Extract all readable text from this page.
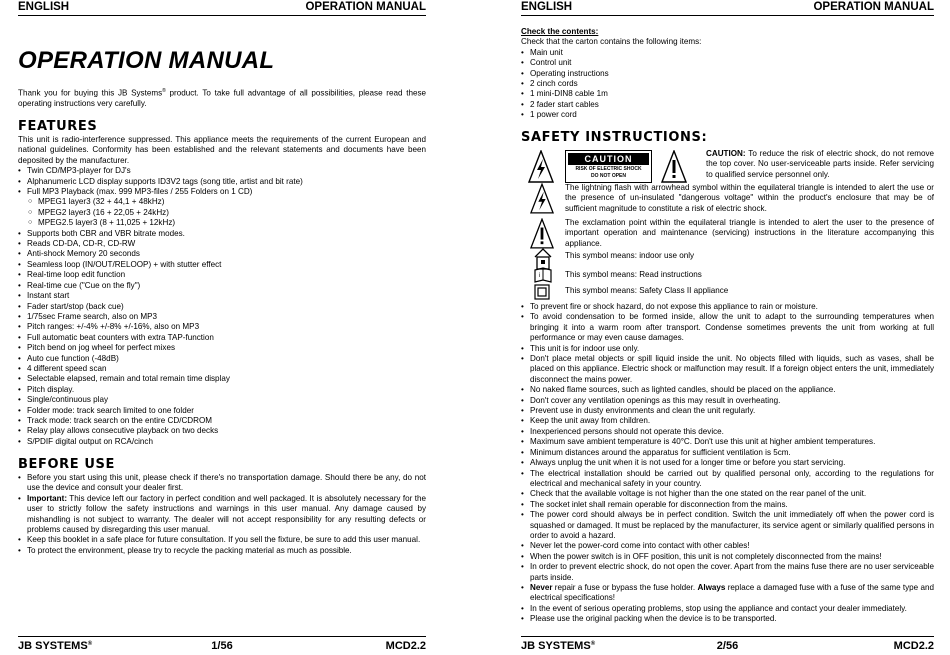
ENGLISH	OPERATION MANUAL
OPERATION MANUAL

Thank you for buying this JB Systems® product. To take full advantage of all possibilities, please read these operating instructions very carefully.

FEATURES

This unit is radio-interference suppressed. This appliance meets the requirements of the current European and national guidelines. Conformity has been established and the relevant statements and documents have been deposited by the manufacturer.

• Twin CD/MP3-player for DJ's
• Alphanumeric LCD display supports ID3V2 tags (song title, artist and bit rate)
• Full MP3 Playback (max. 999 MP3-files / 255 Folders on 1 CD)
○ MPEG1 layer3 (32 + 44,1 + 48kHz)
○ MPEG2 layer3 (16 + 22,05 + 24kHz)
○ MPEG2.5 layer3 (8 + 11,025 + 12kHz)
• Supports both CBR and VBR bitrate modes.
• Reads CD-DA, CD-R, CD-RW
• Anti-shock Memory 20 seconds
• Seamless loop (IN/OUT/RELOOP) + with stutter effect
• Real-time loop edit function
• Real-time cue ("Cue on the fly")
• Instant start
• Fader start/stop (back cue)
• 1/75sec Frame search, also on MP3
• Pitch ranges: +/-4% +/-8% +/-16%, also on MP3
• Full automatic beat counters with extra TAP-function
• Pitch bend on jog wheel for perfect mixes
• Auto cue function (-48dB)
• 4 different speed scan
• Selectable elapsed, remain and total remain time display
• Pitch display.
• Single/continuous play
• Folder mode: track search limited to one folder
• Track mode: track search on the entire CD/CDROM
• Relay play allows consecutive playback on two decks
• S/PDIF digital output on RCA/cinch
BEFORE USE
• Before you start using this unit, please check if there's no transportation damage. Should there be any, do not use the device and consult your dealer first.
• Important: This device left our factory in perfect condition and well packaged. It is absolutely necessary for the user to strictly follow the safety instructions and warnings in this user manual. Any damage caused by mishandling is not subject to warranty. The dealer will not accept responsibility for any resulting defects or problems caused by disregarding this user manual.
• Keep this booklet in a safe place for future consultation. If you sell the fixture, be sure to add this user manual.
• To protect the environment, please try to recycle the packing material as much as possible.
JB SYSTEMS®	1/56	MCD2.2
ENGLISH	OPERATION MANUAL

Check the contents:

Check that the carton contains the following items:

• Main unit
• Control unit
• Operating instructions
• 2 cinch cords
• 1 mini-DIN8 cable 1m
• 2 fader start cables
• 1 power cord
SAFETY INSTRUCTIONS:
CAUTION
RISK OF ELECTRIC SHOCK
DO NOT OPEN
CAUTION: To reduce the risk of electric shock, do not remove the top cover. No user-serviceable parts inside. Refer servicing to qualified service personnel only.
The lightning flash with arrowhead symbol within the equilateral triangle is intended to alert the use or the presence of un-insulated "dangerous voltage" within the product's enclosure that may be of sufficient magnitude to constitute a risk of electric shock.
The exclamation point within the equilateral triangle is intended to alert the user to the presence of important operation and maintenance (servicing) instructions in the literature accompanying this appliance.
This symbol means: indoor use only
i	This symbol means: Read instructions
This symbol means: Safety Class II appliance
• To prevent fire or shock hazard, do not expose this appliance to rain or moisture.
• To avoid condensation to be formed inside, allow the unit to adapt to the surrounding temperatures when bringing it into a warm room after transport. Condense sometimes prevents the unit from working at full performance or may even cause damages.
• This unit is for indoor use only.
• Don't place metal objects or spill liquid inside the unit. No objects filled with liquids, such as vases, shall be placed on this appliance. Electric shock or malfunction may result. If a foreign object enters the unit, immediately disconnect the mains power.
• No naked flame sources, such as lighted candles, should be placed on the appliance.
• Don't cover any ventilation openings as this may result in overheating.
• Prevent use in dusty environments and clean the unit regularly.
• Keep the unit away from children.
• Inexperienced persons should not operate this device.
• Maximum save ambient temperature is 40°C. Don't use this unit at higher ambient temperatures.
• Minimum distances around the apparatus for sufficient ventilation is 5cm.
• Always unplug the unit when it is not used for a longer time or before you start servicing.
• The electrical installation should be carried out by qualified personal only, according to the regulations for electrical and mechanical safety in your country.
• Check that the available voltage is not higher than the one stated on the rear panel of the unit.
• The socket inlet shall remain operable for disconnection from the mains.
• The power cord should always be in perfect condition. Switch the unit immediately off when the power cord is squashed or damaged. It must be replaced by the manufacturer, its service agent or similarly qualified persons in order to avoid a hazard.
• Never let the power-cord come into contact with other cables!
• When the power switch is in OFF position, this unit is not completely disconnected from the mains!
• In order to prevent electric shock, do not open the cover. Apart from the mains fuse there are no user serviceable parts inside.
• Never repair a fuse or bypass the fuse holder. Always replace a damaged fuse with a fuse of the same type and electrical specifications!
• In the event of serious operating problems, stop using the appliance and contact your dealer immediately.
• Please use the original packing when the device is to be transported.
JB SYSTEMS®	2/56	MCD2.2
